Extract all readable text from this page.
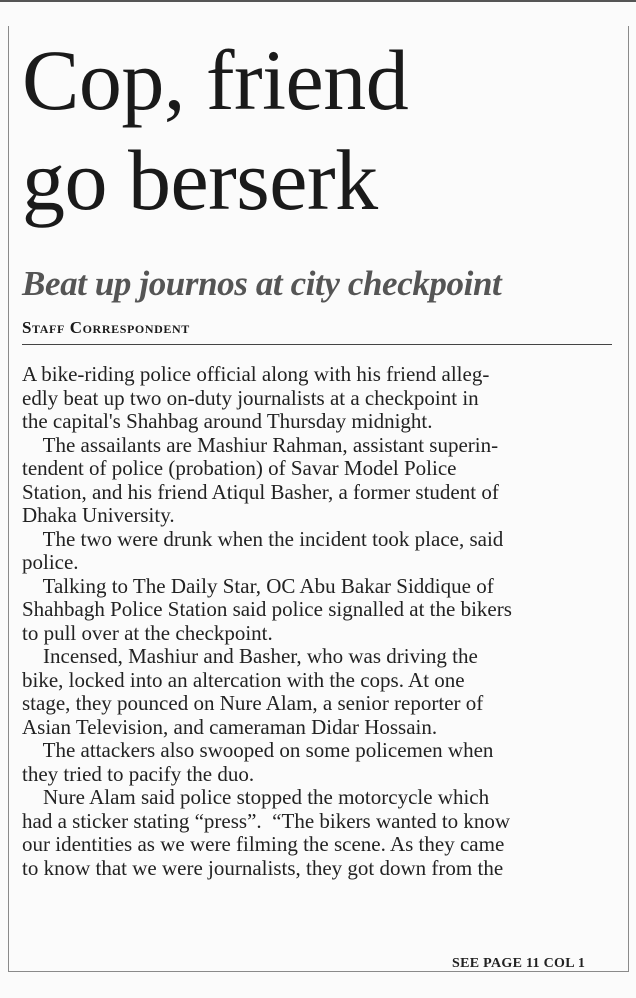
Cop, friend
go berserk
Beat up journos at city checkpoint
Staff Correspondent
A bike-riding police official along with his friend alleg-
edly beat up two on-duty journalists at a checkpoint in
the capital's Shahbag around Thursday midnight.
The assailants are Mashiur Rahman, assistant superin-
tendent of police (probation) of Savar Model Police
Station, and his friend Atiqul Basher, a former student of
Dhaka University.
The two were drunk when the incident took place, said
police.
Talking to The Daily Star, OC Abu Bakar Siddique of
Shahbagh Police Station said police signalled at the bikers
to pull over at the checkpoint.
Incensed, Mashiur and Basher, who was driving the
bike, locked into an altercation with the cops. At one
stage, they pounced on Nure Alam, a senior reporter of
Asian Television, and cameraman Didar Hossain.
The attackers also swooped on some policemen when
they tried to pacify the duo.
Nure Alam said police stopped the motorcycle which
had a sticker stating “press”.  “The bikers wanted to know
our identities as we were filming the scene. As they came
to know that we were journalists, they got down from the
SEE PAGE 11 COL 1
